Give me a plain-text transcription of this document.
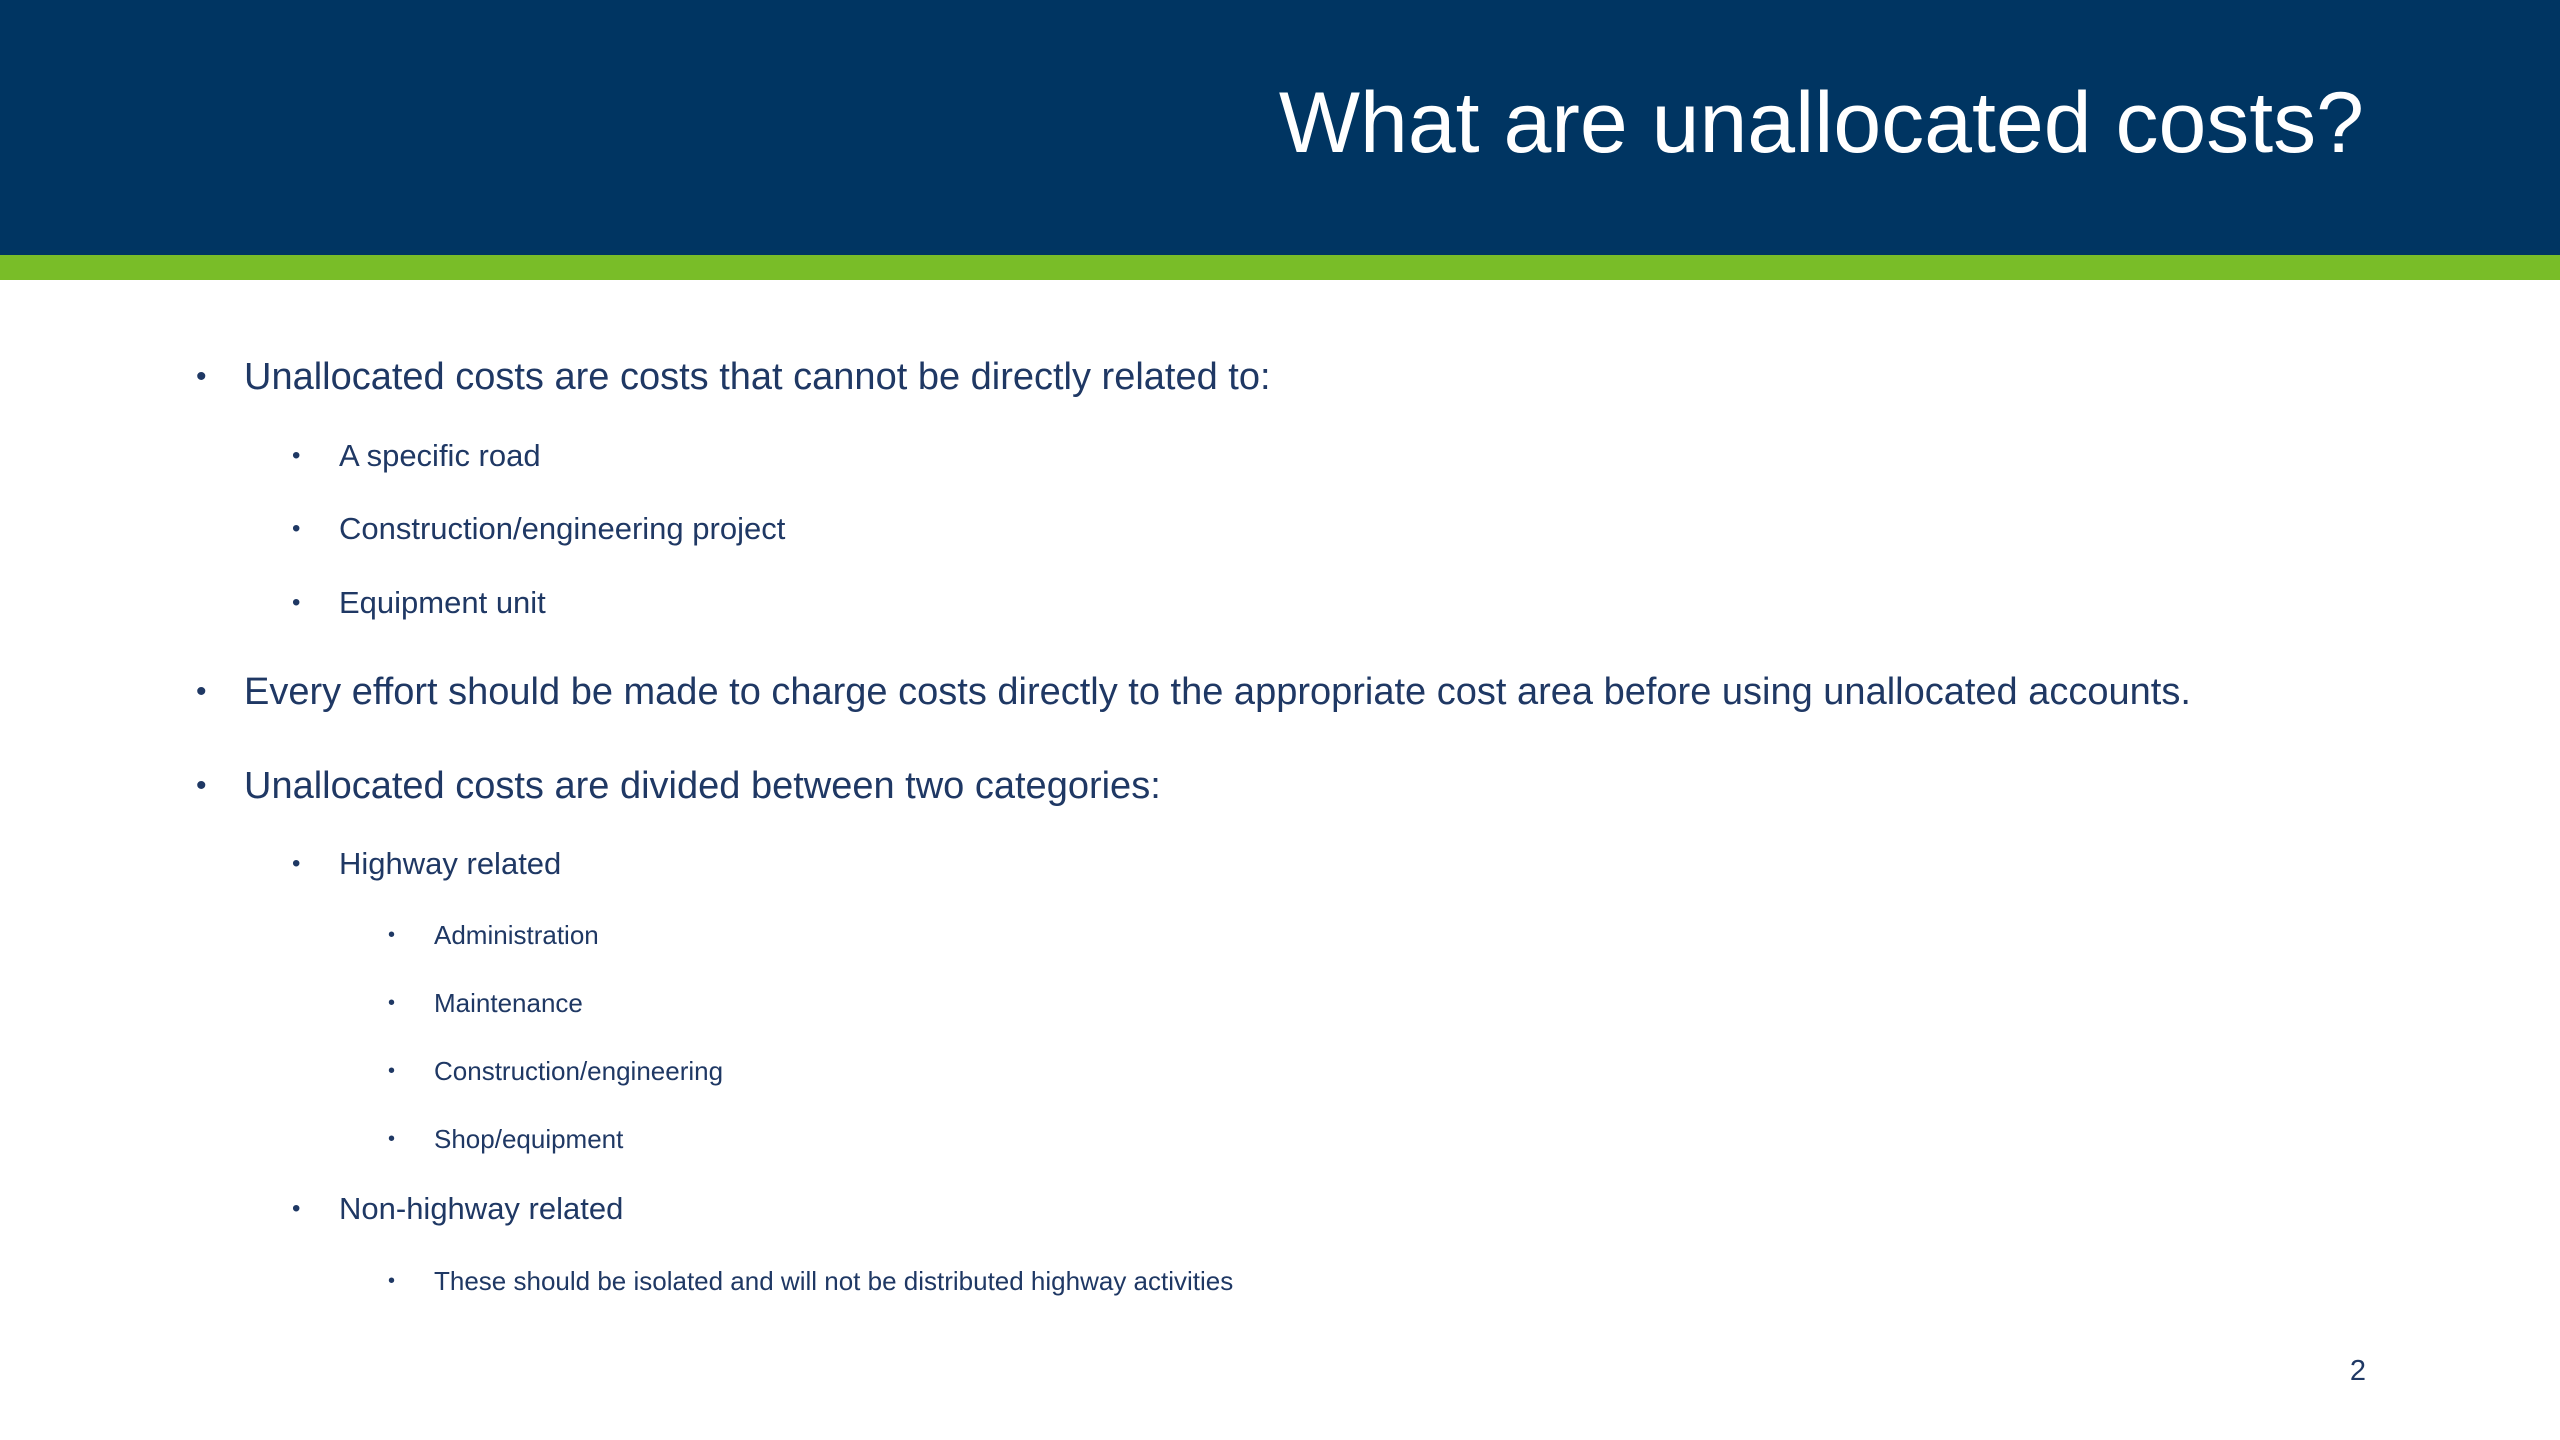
What are unallocated costs?
• Unallocated costs are costs that cannot be directly related to:
• A specific road
• Construction/engineering project
• Equipment unit
• Every effort should be made to charge costs directly to the appropriate cost area before using unallocated accounts.
• Unallocated costs are divided between two categories:
• Highway related
• Administration
• Maintenance
• Construction/engineering
• Shop/equipment
• Non-highway related
• These should be isolated and will not be distributed highway activities
2
